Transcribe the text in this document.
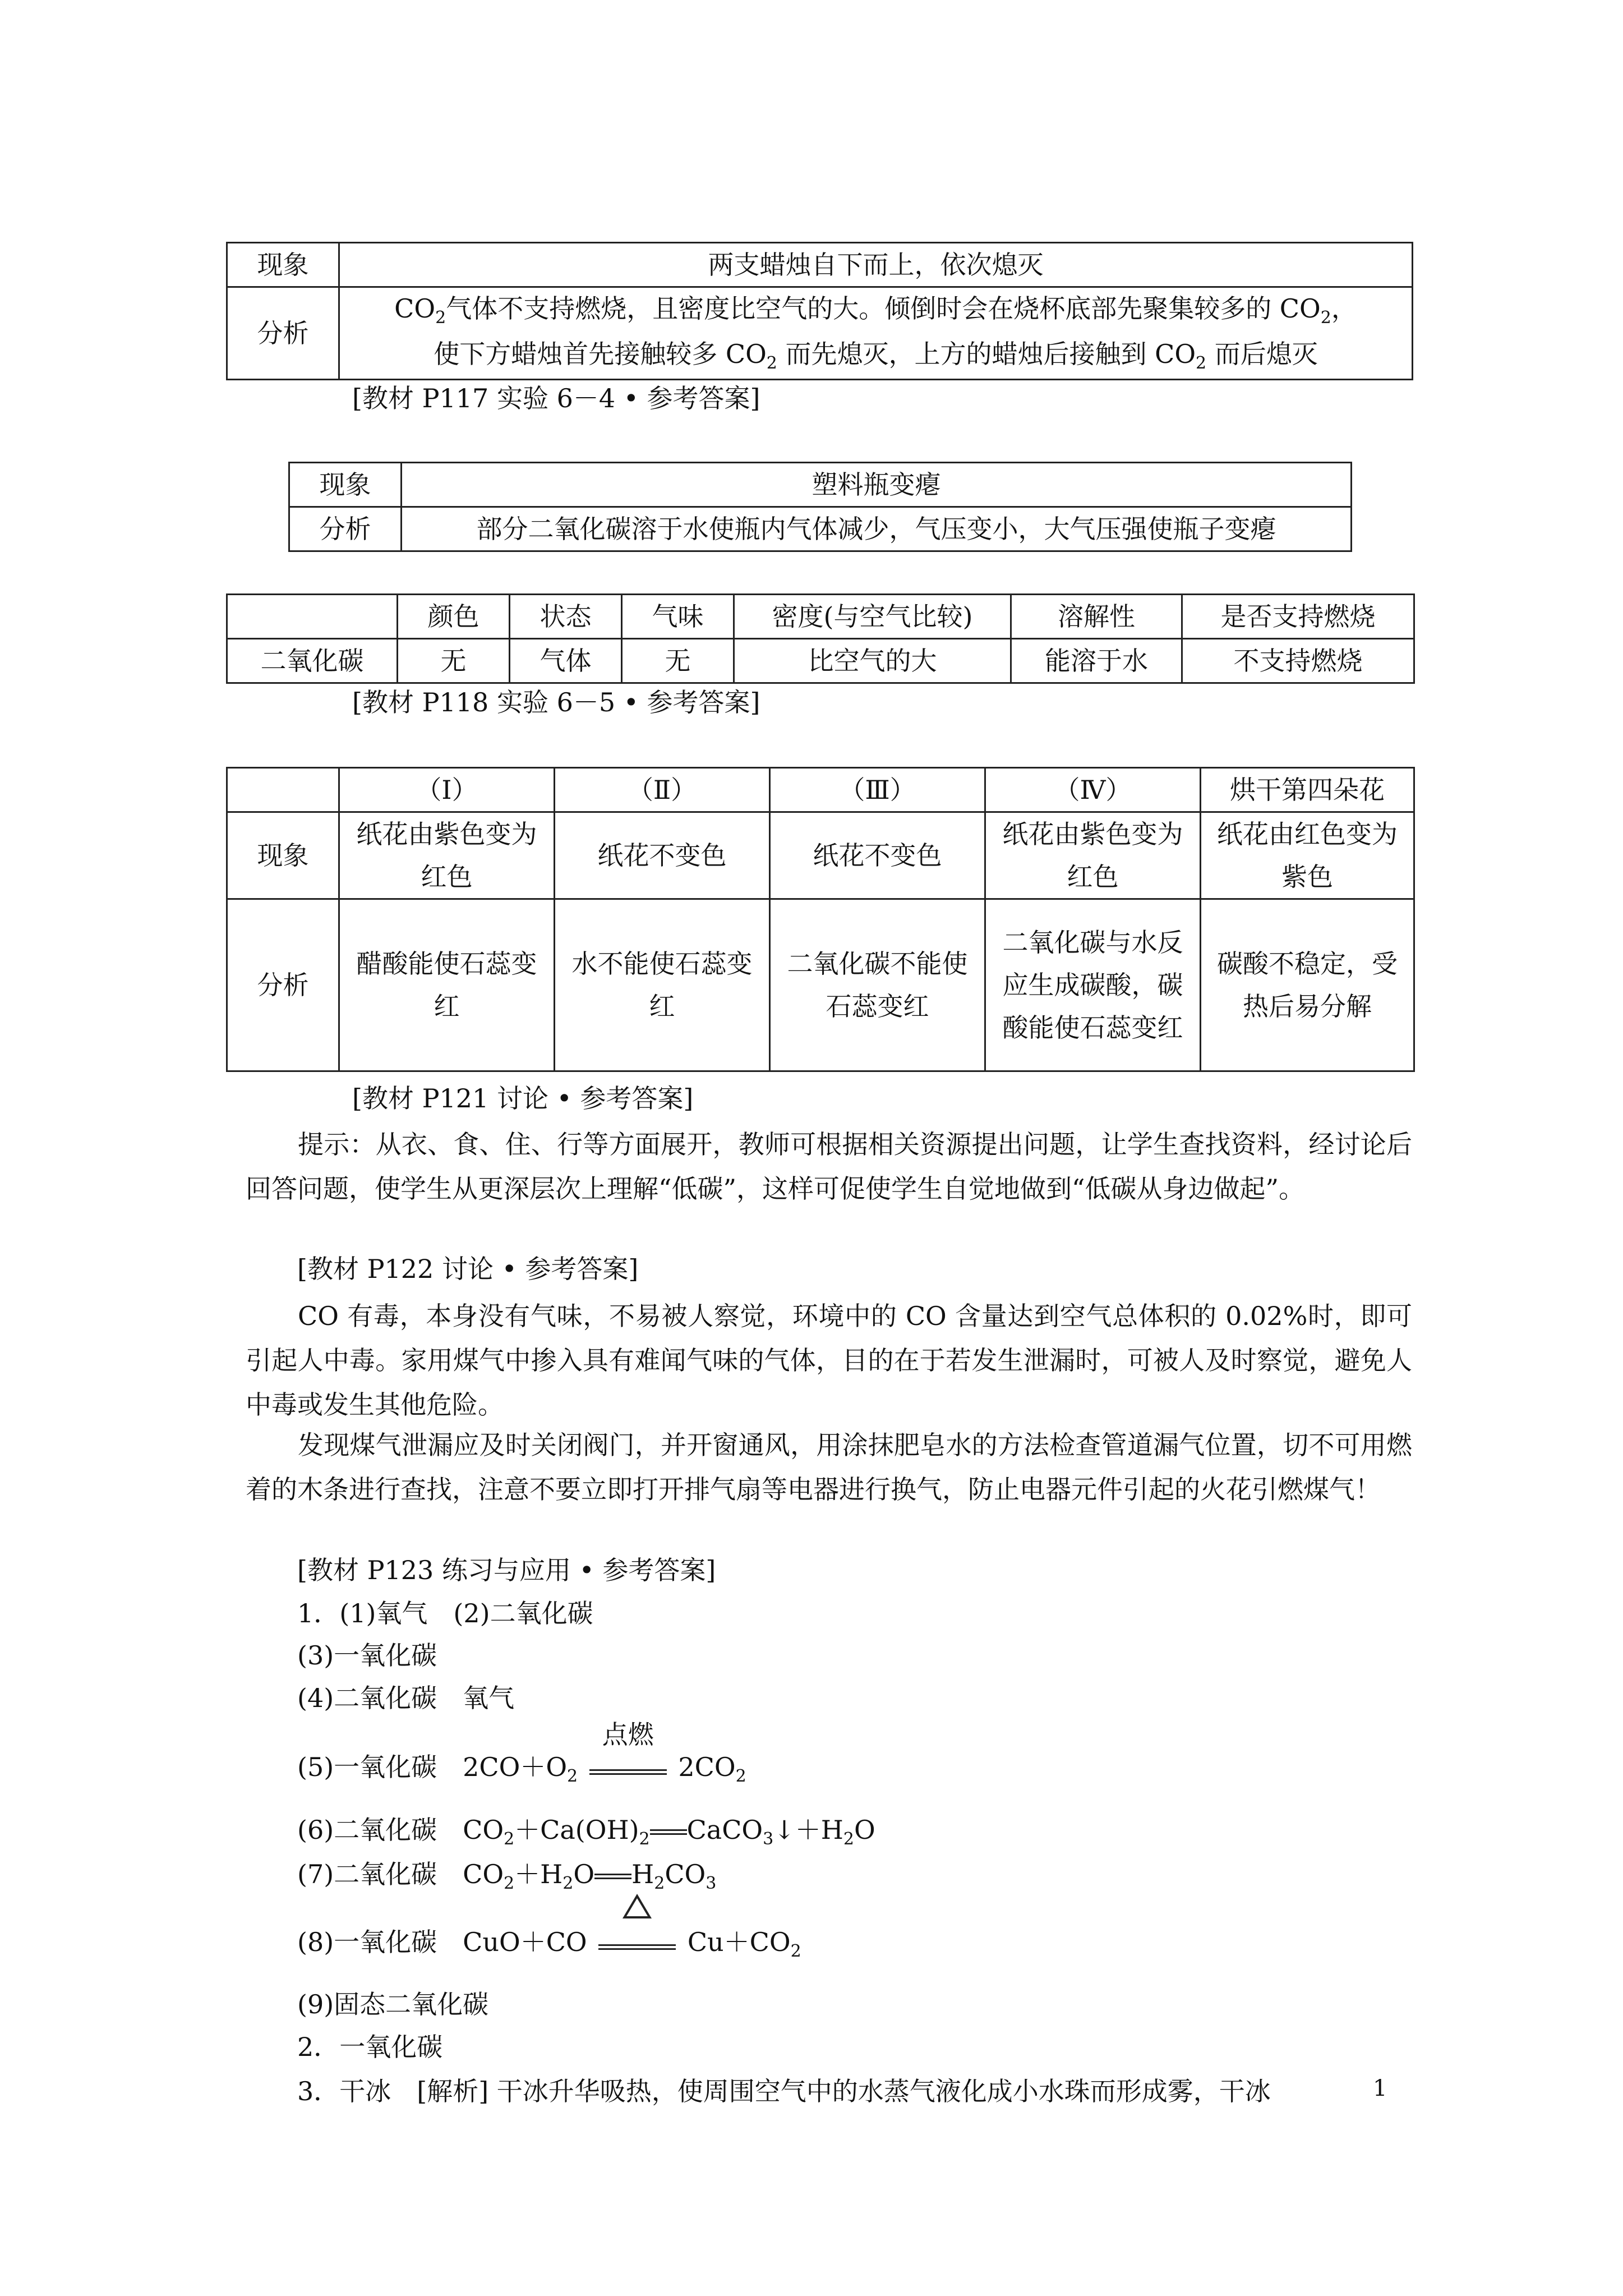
现象	两支蜡烛自下而上，依次熄灭
分析	$CO_2$气体不支持燃烧，且密度比空气的大。倾倒时会在烧杯底部先聚集较多的 $CO_2$，
使下方蜡烛首先接触较多 $CO_2$ 而先熄灭，上方的蜡烛后接触到 $CO_2$ 而后熄灭
[教材 P117 实验 6－4 • 参考答案]
现象	塑料瓶变瘪
分析	部分二氧化碳溶于水使瓶内气体减少，气压变小，大气压强使瓶子变瘪
	颜色	状态	气味	密度(与空气比较)	溶解性	是否支持燃烧
二氧化碳	无	气体	无	比空气的大	能溶于水	不支持燃烧
[教材 P118 实验 6－5 • 参考答案]
	（Ⅰ）	（Ⅱ）	（Ⅲ）	（Ⅳ）	烘干第四朵花
现象	纸花由紫色变为红色	纸花不变色	纸花不变色	纸花由紫色变为红色	纸花由红色变为紫色
分析	醋酸能使石蕊变红	水不能使石蕊变红	二氧化碳不能使石蕊变红	二氧化碳与水反应生成碳酸，碳酸能使石蕊变红	碳酸不稳定，受热后易分解
[教材 P121 讨论 • 参考答案]
提示：从衣、食、住、行等方面展开，教师可根据相关资源提出问题，让学生查找资料，经讨论后回答问题，使学生从更深层次上理解“低碳”，这样可促使学生自觉地做到“低碳从身边做起”。
[教材 P122 讨论 • 参考答案]
CO 有毒，本身没有气味，不易被人察觉，环境中的 CO 含量达到空气总体积的 0.02%时，即可引起人中毒。家用煤气中掺入具有难闻气味的气体，目的在于若发生泄漏时，可被人及时察觉，避免人中毒或发生其他危险。
发现煤气泄漏应及时关闭阀门，并开窗通风，用涂抹肥皂水的方法检查管道漏气位置，切不可用燃着的木条进行查找，注意不要立即打开排气扇等电器进行换气，防止电器元件引起的火花引燃煤气！
[教材 P123 练习与应用 • 参考答案]
1．(1)氧气　(2)二氧化碳
(3)一氧化碳
(4)二氧化碳　氧气
(5)一氧化碳　$2CO+O_2$
点燃
$2CO_2$
(6)二氧化碳　$CO_2+Ca(OH)_2$ $CaCO_3↓+H_2O$
(7)二氧化碳　$CO_2+H_2O$ $H_2CO_3$
(8)一氧化碳　CuO＋CO	$Cu+CO_2$
(9)固态二氧化碳
2．一氧化碳
3．干冰　[解析] 干冰升华吸热，使周围空气中的水蒸气液化成小水珠而形成雾，干冰	1
